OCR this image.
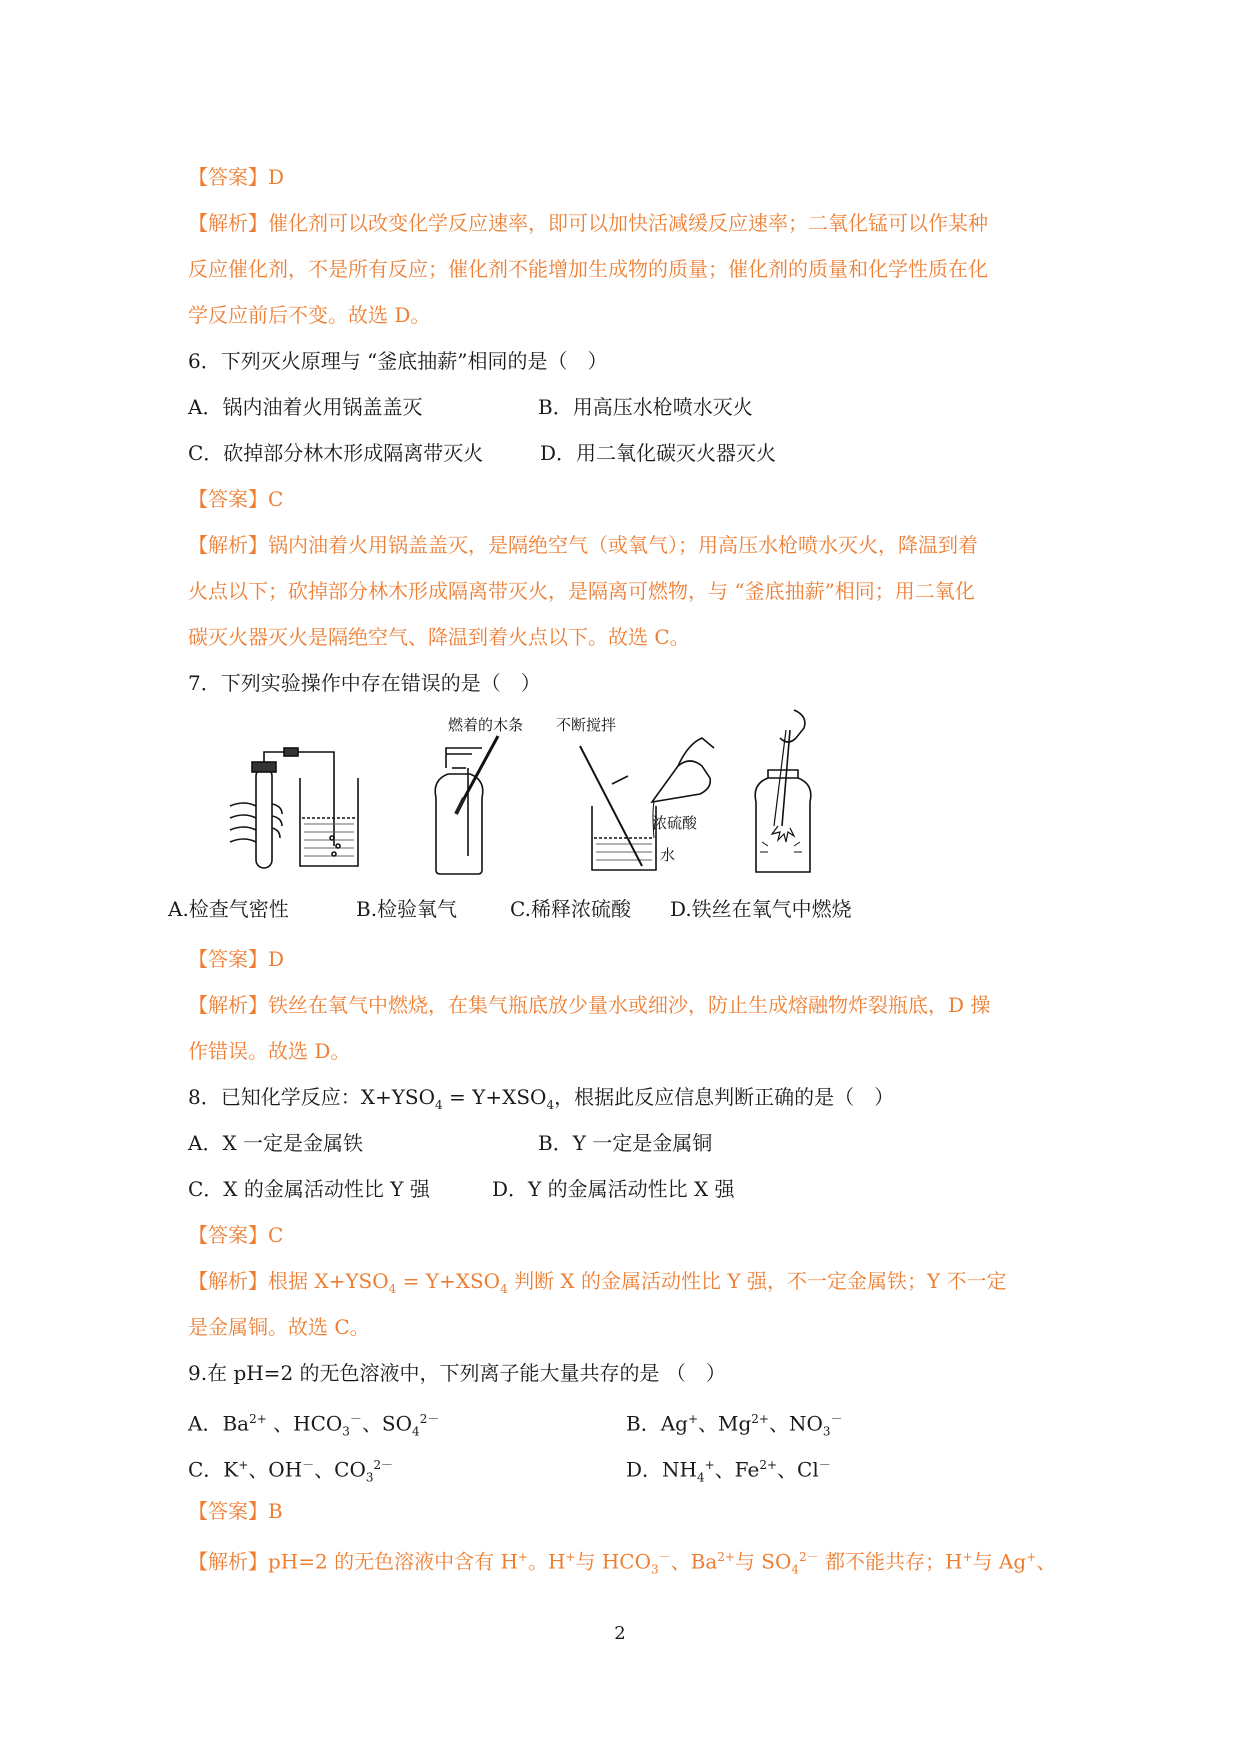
【答案】D
【解析】催化剂可以改变化学反应速率，即可以加快活减缓反应速率；二氧化锰可以作某种
反应催化剂，不是所有反应；催化剂不能增加生成物的质量；催化剂的质量和化学性质在化
学反应前后不变。故选 D。
6．下列灭火原理与 “釜底抽薪”相同的是（　）
A．锅内油着火用锅盖盖灭	B．用高压水枪喷水灭火
C．砍掉部分林木形成隔离带灭火	D．用二氧化碳灭火器灭火
【答案】C
【解析】锅内油着火用锅盖盖灭，是隔绝空气（或氧气）；用高压水枪喷水灭火，降温到着
火点以下；砍掉部分林木形成隔离带灭火，是隔离可燃物，与 “釜底抽薪”相同；用二氧化
碳灭火器灭火是隔绝空气、降温到着火点以下。故选 C。
7．下列实验操作中存在错误的是（　）
燃着的木条 不断搅拌
浓硫酸
水
A.检查气密性	B.检验氧气	C.稀释浓硫酸 D.铁丝在氧气中燃烧
【答案】D
【解析】铁丝在氧气中燃烧，在集气瓶底放少量水或细沙，防止生成熔融物炸裂瓶底，D 操
作错误。故选 D。
8．已知化学反应：$X+YSO_4 = Y+XSO_4$，根据此反应信息判断正确的是（　）
A．X 一定是金属铁	B．Y 一定是金属铜
C．X 的金属活动性比 Y 强	D．Y 的金属活动性比 X 强
【答案】C
【解析】根据 $X+YSO_4 = Y+XSO_4$ 判断 X 的金属活动性比 Y 强，不一定金属铁；Y 不一定
是金属铜。故选 C。
9.在 pH=2 的无色溶液中，下列离子能大量共存的是 （　）
A．$Ba^{2+}$ 、$HCO_3^-$、$SO_4^{2-}$	B．Ag+、$Mg^{2+}$、$NO_3^-$
C．K+、OH－、$CO_3^{2-}$	D．$NH_4^+$、$Fe^{2+}$、Cl－
【答案】B
【解析】pH=2 的无色溶液中含有 H+。H+与 $HCO_3^-$、$Ba^{2+}$与 $SO_4^{2-}$ 都不能共存；H+与 Ag+、
2
